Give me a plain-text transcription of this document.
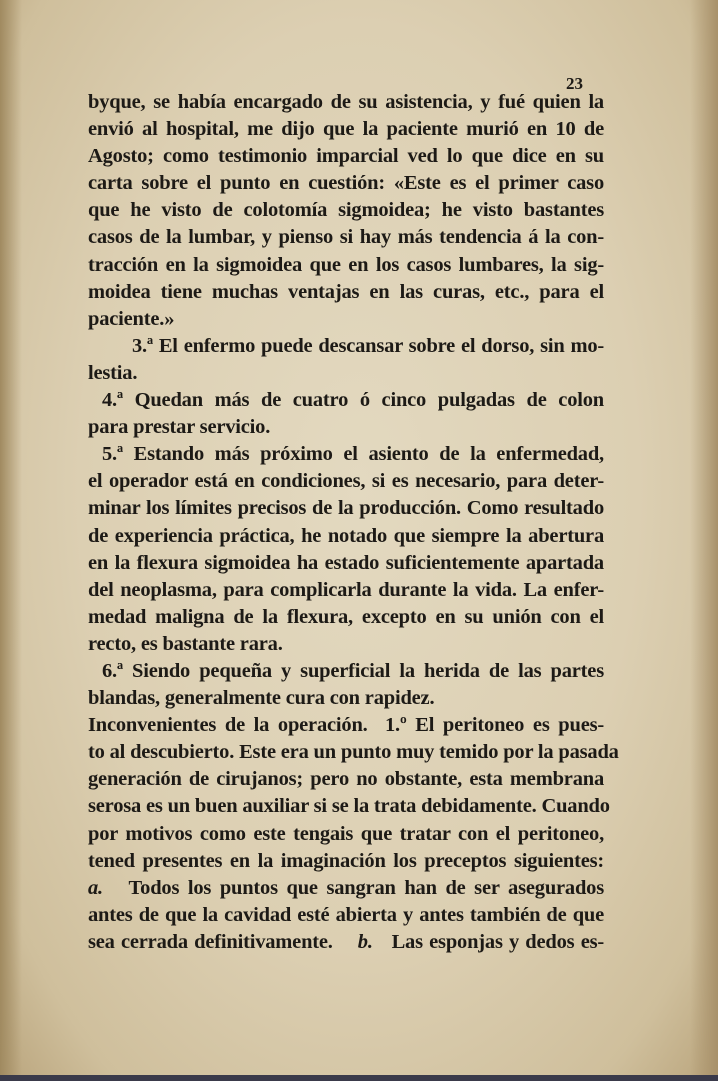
23
byque, se había encargado de su asistencia, y fué quien la
envió al hospital, me dijo que la paciente murió en 10 de
Agosto; como testimonio imparcial ved lo que dice en su
carta sobre el punto en cuestión: «Este es el primer caso
que he visto de colotomía sigmoidea; he visto bastantes
casos de la lumbar, y pienso si hay más tendencia á la con-
tracción en la sigmoidea que en los casos lumbares, la sig-
moidea tiene muchas ventajas en las curas, etc., para el
paciente.»
3.ª El enfermo puede descansar sobre el dorso, sin mo-
lestia.
4.ª Quedan más de cuatro ó cinco pulgadas de colon
para prestar servicio.
5.ª Estando más próximo el asiento de la enfermedad,
el operador está en condiciones, si es necesario, para deter-
minar los límites precisos de la producción. Como resultado
de experiencia práctica, he notado que siempre la abertura
en la flexura sigmoidea ha estado suficientemente apartada
del neoplasma, para complicarla durante la vida. La enfer-
medad maligna de la flexura, excepto en su unión con el
recto, es bastante rara.
6.ª Siendo pequeña y superficial la herida de las partes
blandas, generalmente cura con rapidez.
Inconvenientes de la operación. 1.º El peritoneo es pues-
to al descubierto. Este era un punto muy temido por la pasada
generación de cirujanos; pero no obstante, esta membrana
serosa es un buen auxiliar si se la trata debidamente. Cuando
por motivos como este tengais que tratar con el peritoneo,
tened presentes en la imaginación los preceptos siguientes:
a. Todos los puntos que sangran han de ser asegurados
antes de que la cavidad esté abierta y antes también de que
sea cerrada definitivamente. b. Las esponjas y dedos es-
